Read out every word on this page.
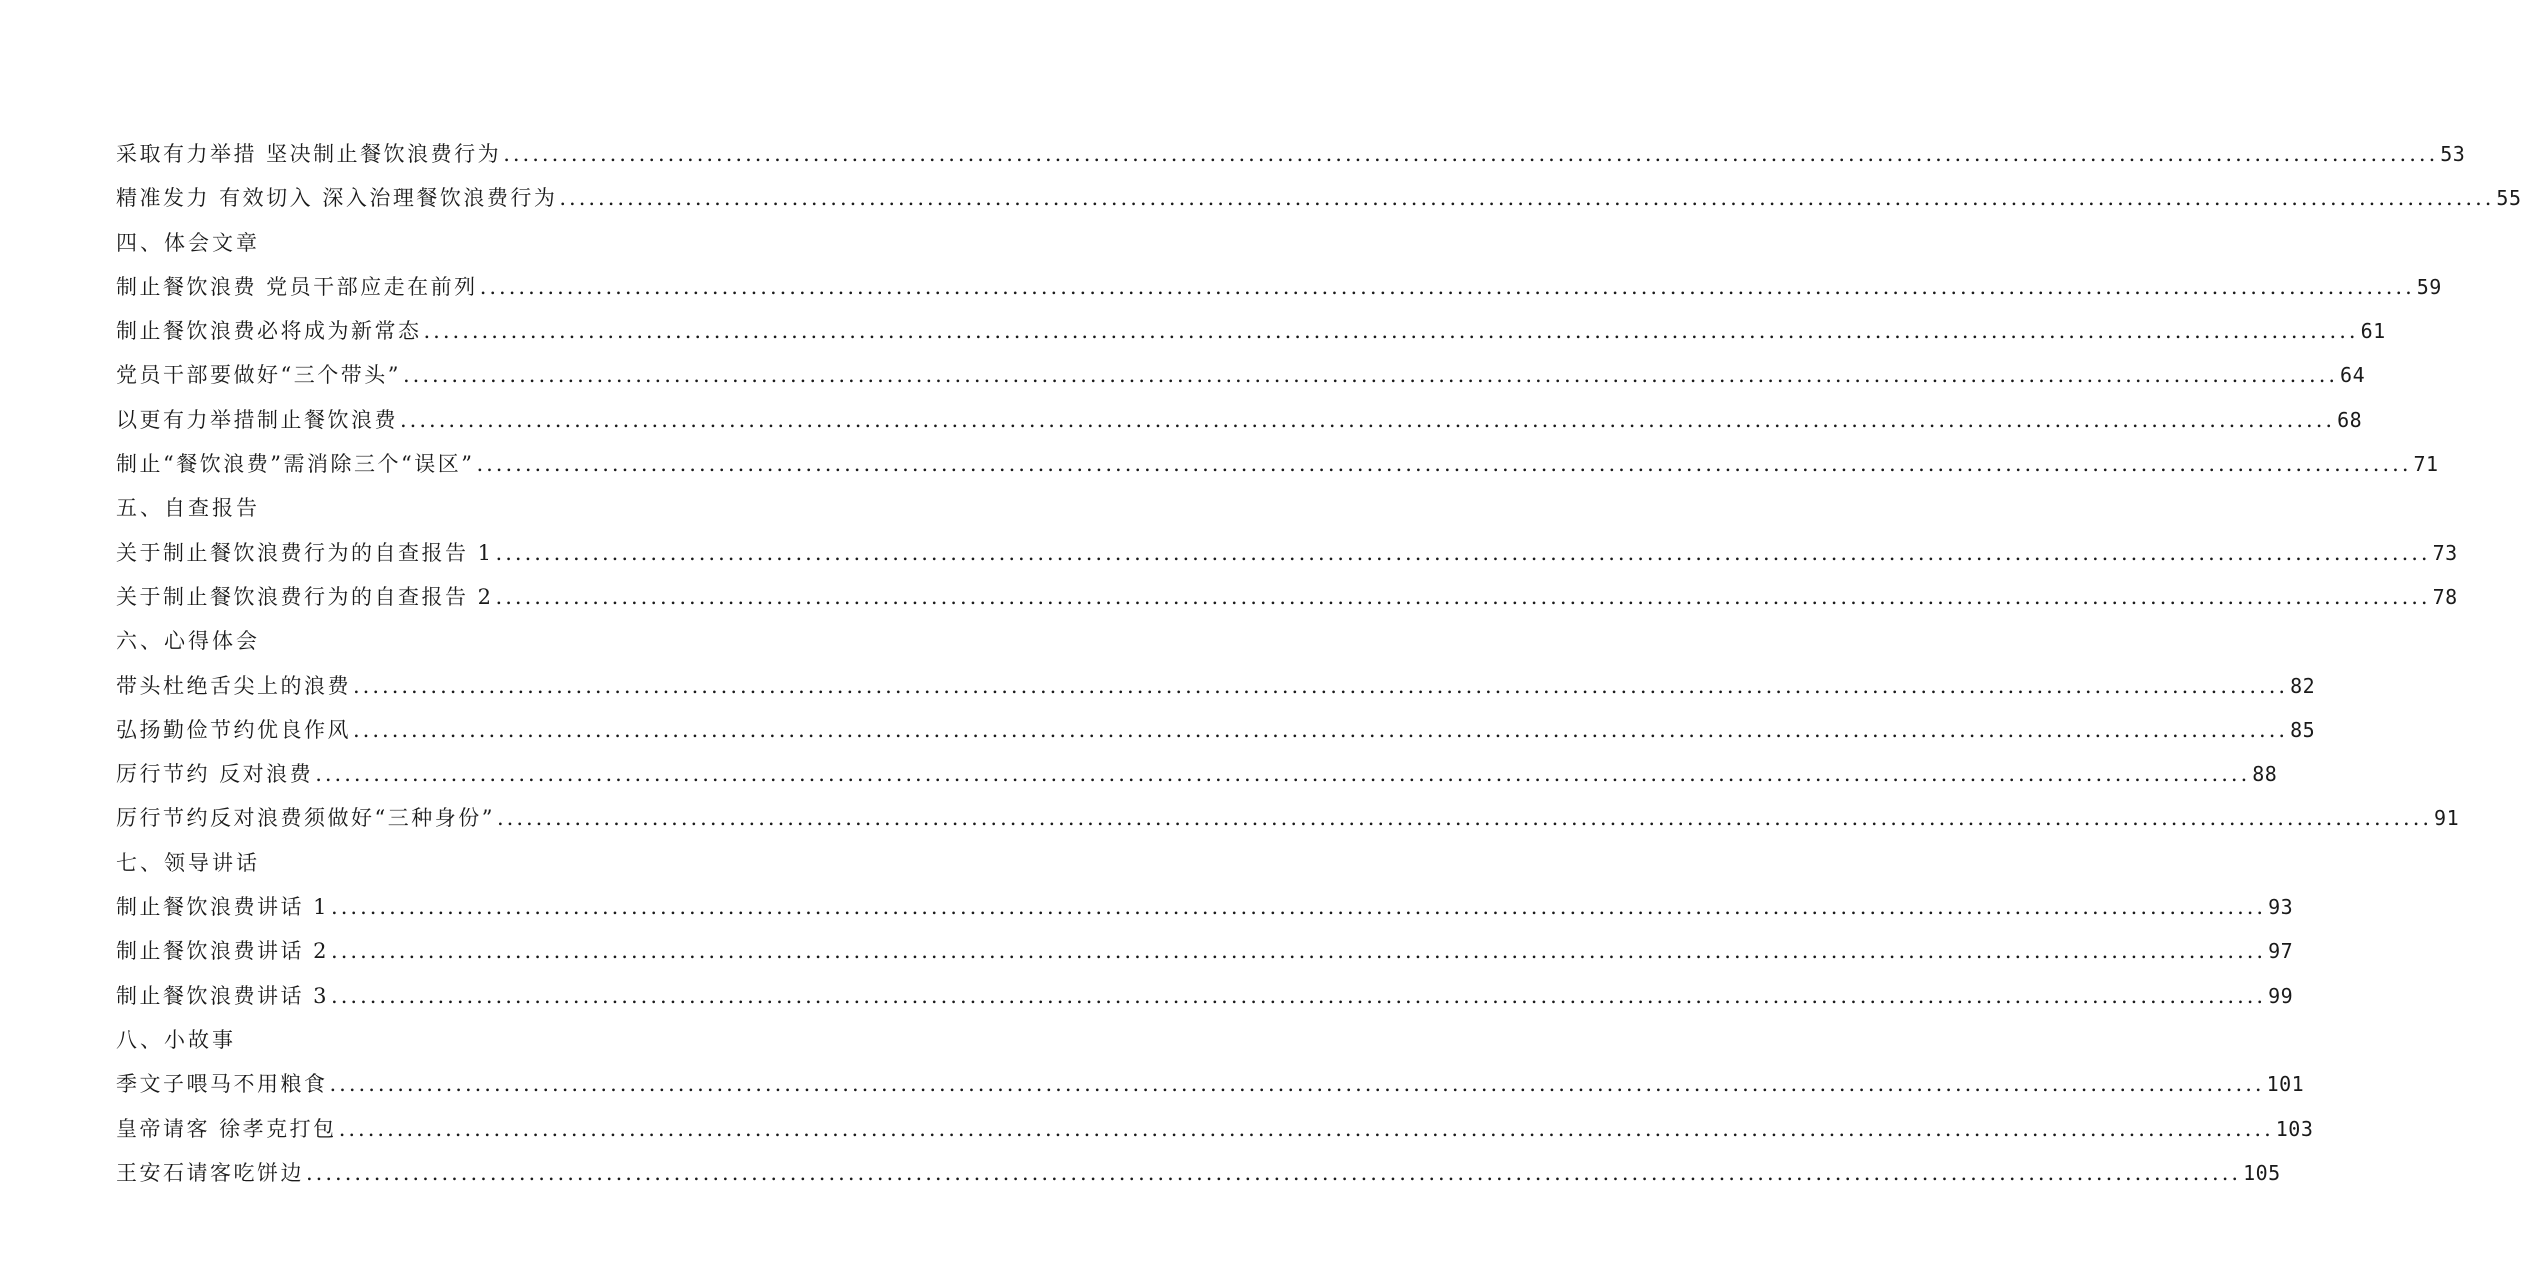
采取有力举措 坚决制止餐饮浪费行为 ........................................................................................................................................................................................................ 53
精准发力 有效切入 深入治理餐饮浪费行为 ........................................................................................................................................................................................................ 55
四、体会文章
制止餐饮浪费 党员干部应走在前列 ........................................................................................................................................................................................................ 59
制止餐饮浪费必将成为新常态 ........................................................................................................................................................................................................ 61
党员干部要做好“三个带头” ........................................................................................................................................................................................................ 64
以更有力举措制止餐饮浪费 ........................................................................................................................................................................................................ 68
制止“餐饮浪费”需消除三个“误区” ........................................................................................................................................................................................................ 71
五、自查报告
关于制止餐饮浪费行为的自查报告 1 ........................................................................................................................................................................................................ 73
关于制止餐饮浪费行为的自查报告 2 ........................................................................................................................................................................................................ 78
六、心得体会
带头杜绝舌尖上的浪费 ........................................................................................................................................................................................................ 82
弘扬勤俭节约优良作风 ........................................................................................................................................................................................................ 85
厉行节约 反对浪费 ........................................................................................................................................................................................................ 88
厉行节约反对浪费须做好“三种身份” ........................................................................................................................................................................................................ 91
七、领导讲话
制止餐饮浪费讲话 1 ........................................................................................................................................................................................................ 93
制止餐饮浪费讲话 2 ........................................................................................................................................................................................................ 97
制止餐饮浪费讲话 3 ........................................................................................................................................................................................................ 99
八、小故事
季文子喂马不用粮食 ........................................................................................................................................................................................................ 101
皇帝请客 徐孝克打包 ........................................................................................................................................................................................................ 103
王安石请客吃饼边 ........................................................................................................................................................................................................ 105
